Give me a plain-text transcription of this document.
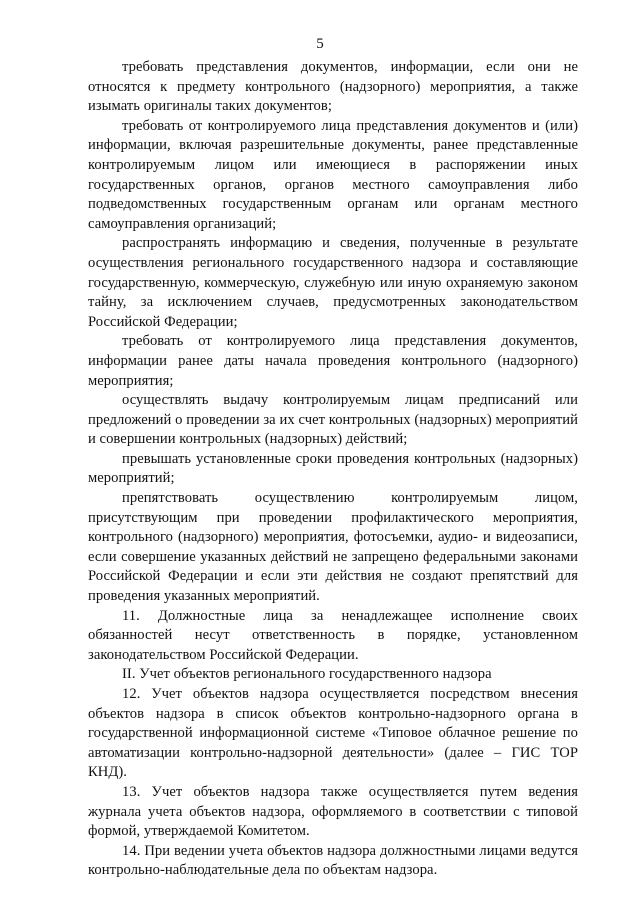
5

требовать представления документов, информации, если они не относятся к предмету контрольного (надзорного) мероприятия, а также изымать оригиналы таких документов;

требовать от контролируемого лица представления документов и (или) информации, включая разрешительные документы, ранее представленные контролируемым лицом или имеющиеся в распоряжении иных государственных органов, органов местного самоуправления либо подведомственных государственным органам или органам местного самоуправления организаций;

распространять информацию и сведения, полученные в результате осуществления регионального государственного надзора и составляющие государственную, коммерческую, служебную или иную охраняемую законом тайну, за исключением случаев, предусмотренных законодательством Российской Федерации;

требовать от контролируемого лица представления документов, информации ранее даты начала проведения контрольного (надзорного) мероприятия;

осуществлять выдачу контролируемым лицам предписаний или предложений о проведении за их счет контрольных (надзорных) мероприятий и совершении контрольных (надзорных) действий;

превышать установленные сроки проведения контрольных (надзорных) мероприятий;

препятствовать осуществлению контролируемым лицом, присутствующим при проведении профилактического мероприятия, контрольного (надзорного) мероприятия, фотосъемки, аудио- и видеозаписи, если совершение указанных действий не запрещено федеральными законами Российской Федерации и если эти действия не создают препятствий для проведения указанных мероприятий.

11. Должностные лица за ненадлежащее исполнение своих обязанностей несут ответственность в порядке, установленном законодательством Российской Федерации.

II. Учет объектов регионального государственного надзора

12. Учет объектов надзора осуществляется посредством внесения объектов надзора в список объектов контрольно-надзорного органа в государственной информационной системе «Типовое облачное решение по автоматизации контрольно-надзорной деятельности» (далее – ГИС ТОР КНД).

13. Учет объектов надзора также осуществляется путем ведения журнала учета объектов надзора, оформляемого в соответствии с типовой формой, утверждаемой Комитетом.

14. При ведении учета объектов надзора должностными лицами ведутся контрольно-наблюдательные дела по объектам надзора.
